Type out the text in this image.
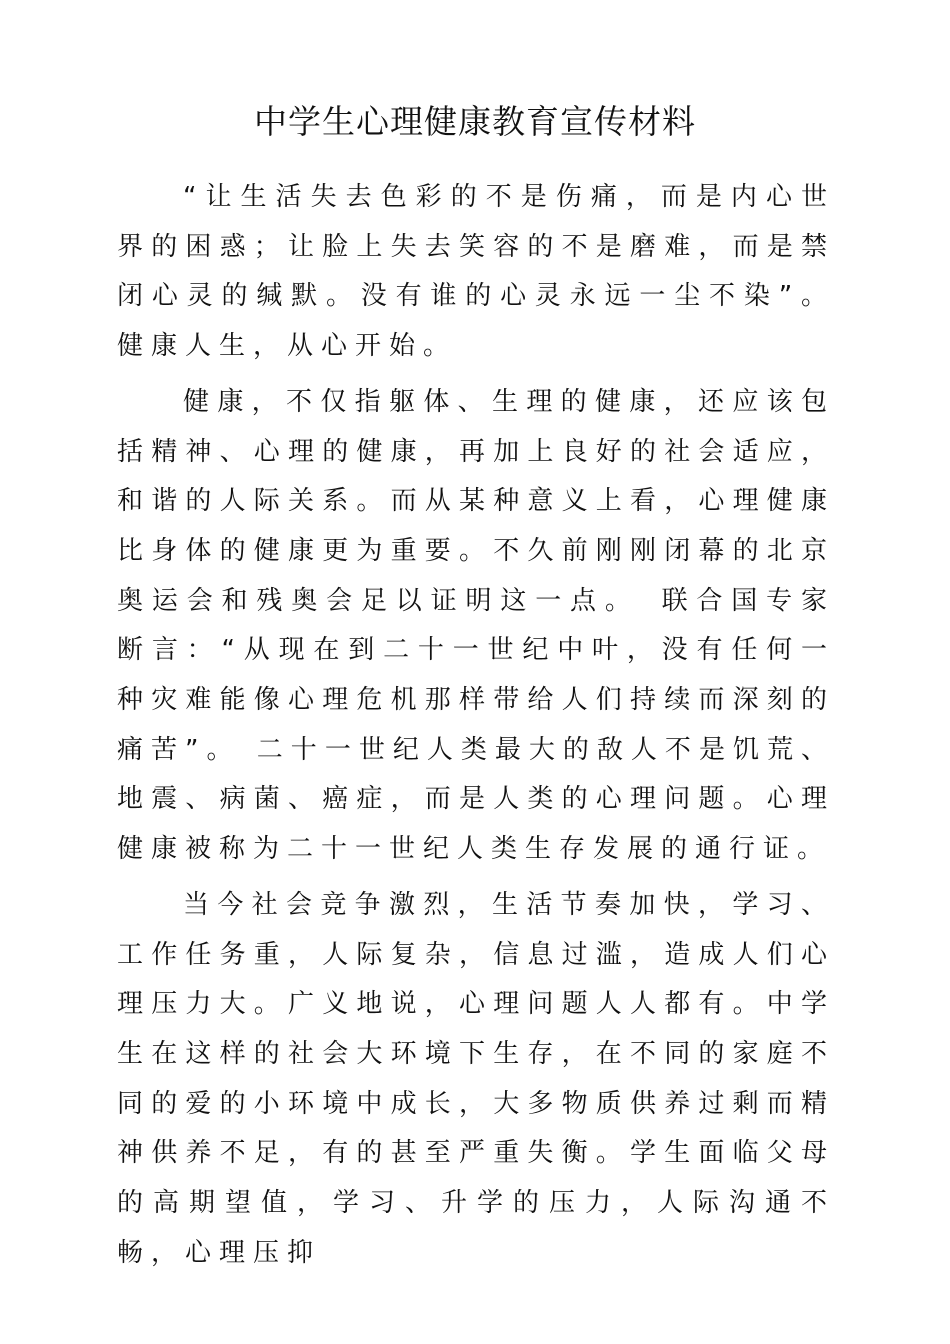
中学生心理健康教育宣传材料

“让生活失去色彩的不是伤痛，而是内心世界的困惑；让脸上失去笑容的不是磨难，而是禁闭心灵的缄默。没有谁的心灵永远一尘不染”。 健康人生，从心开始。

健康，不仅指躯体、生理的健康，还应该包括精神、心理的健康，再加上良好的社会适应，和谐的人际关系。而从某种意义上看，心理健康比身体的健康更为重要。不久前刚刚闭幕的北京奥运会和残奥会足以证明这一点。　联合国专家断言：“从现在到二十一世纪中叶，没有任何一种灾难能像心理危机那样带给人们持续而深刻的痛苦”。 二十一世纪人类最大的敌人不是饥荒、地震、病菌、癌症，而是人类的心理问题。心理健康被称为二十一世纪人类生存发展的通行证。

当今社会竞争激烈，生活节奏加快，学习、工作任务重，人际复杂，信息过滥，造成人们心理压力大。广义地说，心理问题人人都有。中学生在这样的社会大环境下生存，在不同的家庭不同的爱的小环境中成长，大多物质供养过剩而精神供养不足，有的甚至严重失衡。学生面临父母的高期望值，学习、升学的压力，人际沟通不畅，心理压抑
